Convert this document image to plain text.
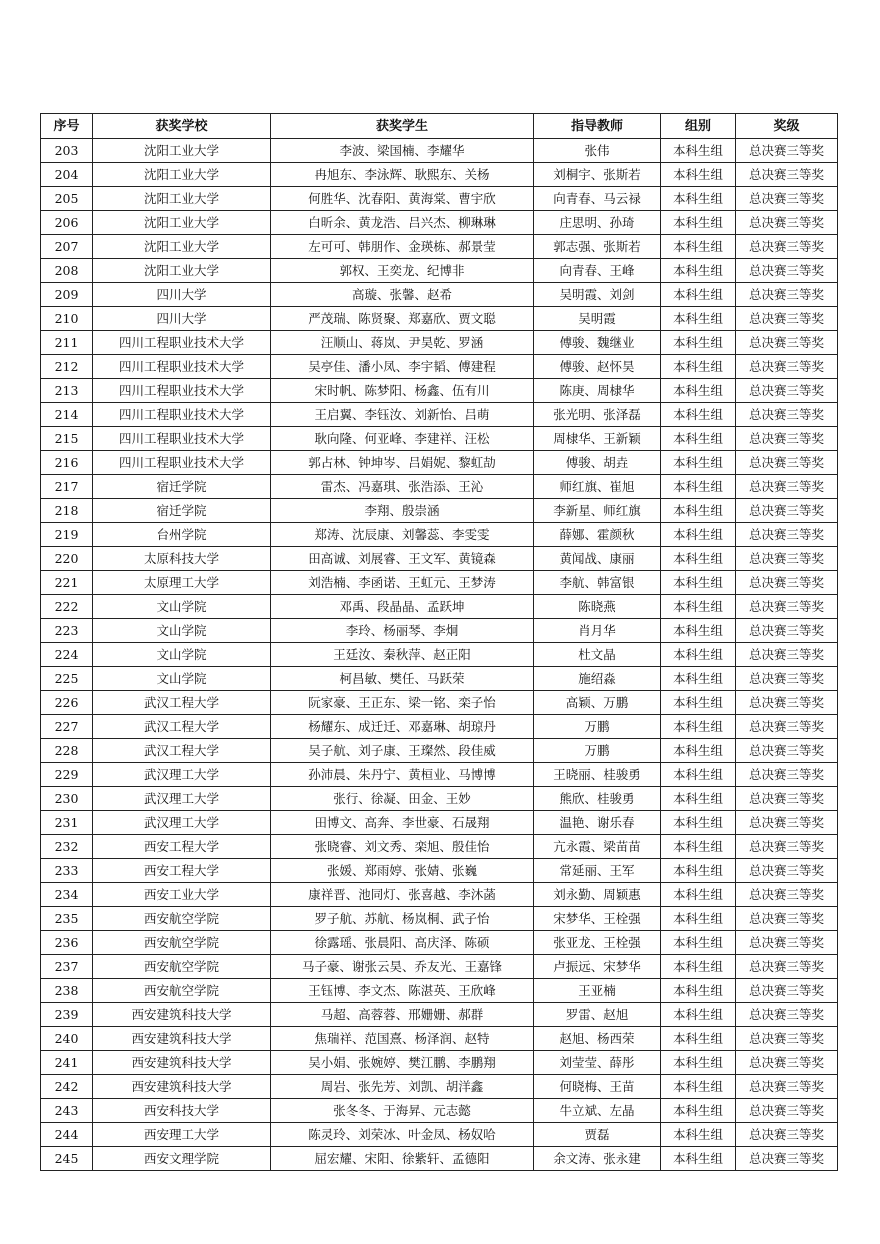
序号	获奖学校	获奖学生	指导教师	组别	奖级
203	沈阳工业大学	李波、梁国楠、李耀华	张伟	本科生组	总决赛三等奖
204	沈阳工业大学	冉旭东、李泳辉、耿熙东、关杨	刘桐宇、张斯若	本科生组	总决赛三等奖
205	沈阳工业大学	何胜华、沈春阳、黄海棠、曹宇欣	向青春、马云禄	本科生组	总决赛三等奖
206	沈阳工业大学	白昕余、黄龙浩、吕兴杰、柳琳琳	庄思明、孙琦	本科生组	总决赛三等奖
207	沈阳工业大学	左可可、韩朋作、金瑛栋、郝景莹	郭志强、张斯若	本科生组	总决赛三等奖
208	沈阳工业大学	郭权、王奕龙、纪博非	向青春、王峰	本科生组	总决赛三等奖
209	四川大学	高璇、张馨、赵希	吴明霞、刘剑	本科生组	总决赛三等奖
210	四川大学	严茂瑞、陈贤聚、郑嘉欣、贾文聪	吴明霞	本科生组	总决赛三等奖
211	四川工程职业技术大学	汪顺山、蒋岚、尹昊乾、罗涵	傅骏、魏继业	本科生组	总决赛三等奖
212	四川工程职业技术大学	吴亭佳、潘小凤、李宇韬、傅建程	傅骏、赵怀昊	本科生组	总决赛三等奖
213	四川工程职业技术大学	宋时帆、陈梦阳、杨鑫、伍有川	陈庚、周棣华	本科生组	总决赛三等奖
214	四川工程职业技术大学	王启翼、李钰汝、刘新怡、吕萌	张光明、张泽磊	本科生组	总决赛三等奖
215	四川工程职业技术大学	耿向隆、何亚峰、李建祥、汪松	周棣华、王新颖	本科生组	总决赛三等奖
216	四川工程职业技术大学	郭占林、钟坤岑、吕娟妮、黎虹劼	傅骏、胡垚	本科生组	总决赛三等奖
217	宿迁学院	雷杰、冯嘉琪、张浩添、王沁	师红旗、崔旭	本科生组	总决赛三等奖
218	宿迁学院	李翔、殷崇涵	李新星、师红旗	本科生组	总决赛三等奖
219	台州学院	郑涛、沈辰康、刘馨蕊、李雯雯	薛娜、霍颜秋	本科生组	总决赛三等奖
220	太原科技大学	田高诚、刘展睿、王文军、黄镜森	黄闻战、康丽	本科生组	总决赛三等奖
221	太原理工大学	刘浩楠、李函诺、王虹元、王梦涛	李航、韩富银	本科生组	总决赛三等奖
222	文山学院	邓禹、段晶晶、孟跃坤	陈晓燕	本科生组	总决赛三等奖
223	文山学院	李玲、杨丽琴、李炯	肖月华	本科生组	总决赛三等奖
224	文山学院	王廷汝、秦秋萍、赵正阳	杜文晶	本科生组	总决赛三等奖
225	文山学院	柯昌敏、樊任、马跃荣	施绍淼	本科生组	总决赛三等奖
226	武汉工程大学	阮家豪、王正东、梁一铭、栾子怡	高颖、万鹏	本科生组	总决赛三等奖
227	武汉工程大学	杨耀东、成迁迁、邓嘉琳、胡琼丹	万鹏	本科生组	总决赛三等奖
228	武汉工程大学	吴子航、刘子康、王璨然、段佳威	万鹏	本科生组	总决赛三等奖
229	武汉理工大学	孙沛晨、朱丹宁、黄桓业、马博博	王晓丽、桂骏勇	本科生组	总决赛三等奖
230	武汉理工大学	张行、徐凝、田金、王妙	熊欣、桂骏勇	本科生组	总决赛三等奖
231	武汉理工大学	田博文、高奔、李世豪、石晟翔	温艳、谢乐春	本科生组	总决赛三等奖
232	西安工程大学	张晓睿、刘文秀、栾旭、殷佳怡	亢永霞、梁苗苗	本科生组	总决赛三等奖
233	西安工程大学	张媛、郑雨婷、张婧、张巍	常延丽、王军	本科生组	总决赛三等奖
234	西安工业大学	康祥晋、池同灯、张喜越、李沐菡	刘永勤、周颖惠	本科生组	总决赛三等奖
235	西安航空学院	罗子航、苏航、杨岚桐、武子怡	宋梦华、王栓强	本科生组	总决赛三等奖
236	西安航空学院	徐露瑶、张晨阳、高庆泽、陈硕	张亚龙、王栓强	本科生组	总决赛三等奖
237	西安航空学院	马子豪、谢张云昊、乔友光、王嘉锋	卢振远、宋梦华	本科生组	总决赛三等奖
238	西安航空学院	王钰博、李文杰、陈湛英、王欣峰	王亚楠	本科生组	总决赛三等奖
239	西安建筑科技大学	马超、高蓉蓉、邢姗姗、郝群	罗雷、赵旭	本科生组	总决赛三等奖
240	西安建筑科技大学	焦瑞祥、范国熹、杨泽润、赵特	赵旭、杨西荣	本科生组	总决赛三等奖
241	西安建筑科技大学	吴小娟、张婉婷、樊江鹏、李鹏翔	刘莹莹、薛彤	本科生组	总决赛三等奖
242	西安建筑科技大学	周岩、张先芳、刘凯、胡洋鑫	何晓梅、王苗	本科生组	总决赛三等奖
243	西安科技大学	张冬冬、于海昇、元志懿	牛立斌、左晶	本科生组	总决赛三等奖
244	西安理工大学	陈灵玲、刘荣冰、叶金凤、杨奴哈	贾磊	本科生组	总决赛三等奖
245	西安文理学院	屈宏耀、宋阳、徐紫轩、孟德阳	余文涛、张永建	本科生组	总决赛三等奖
